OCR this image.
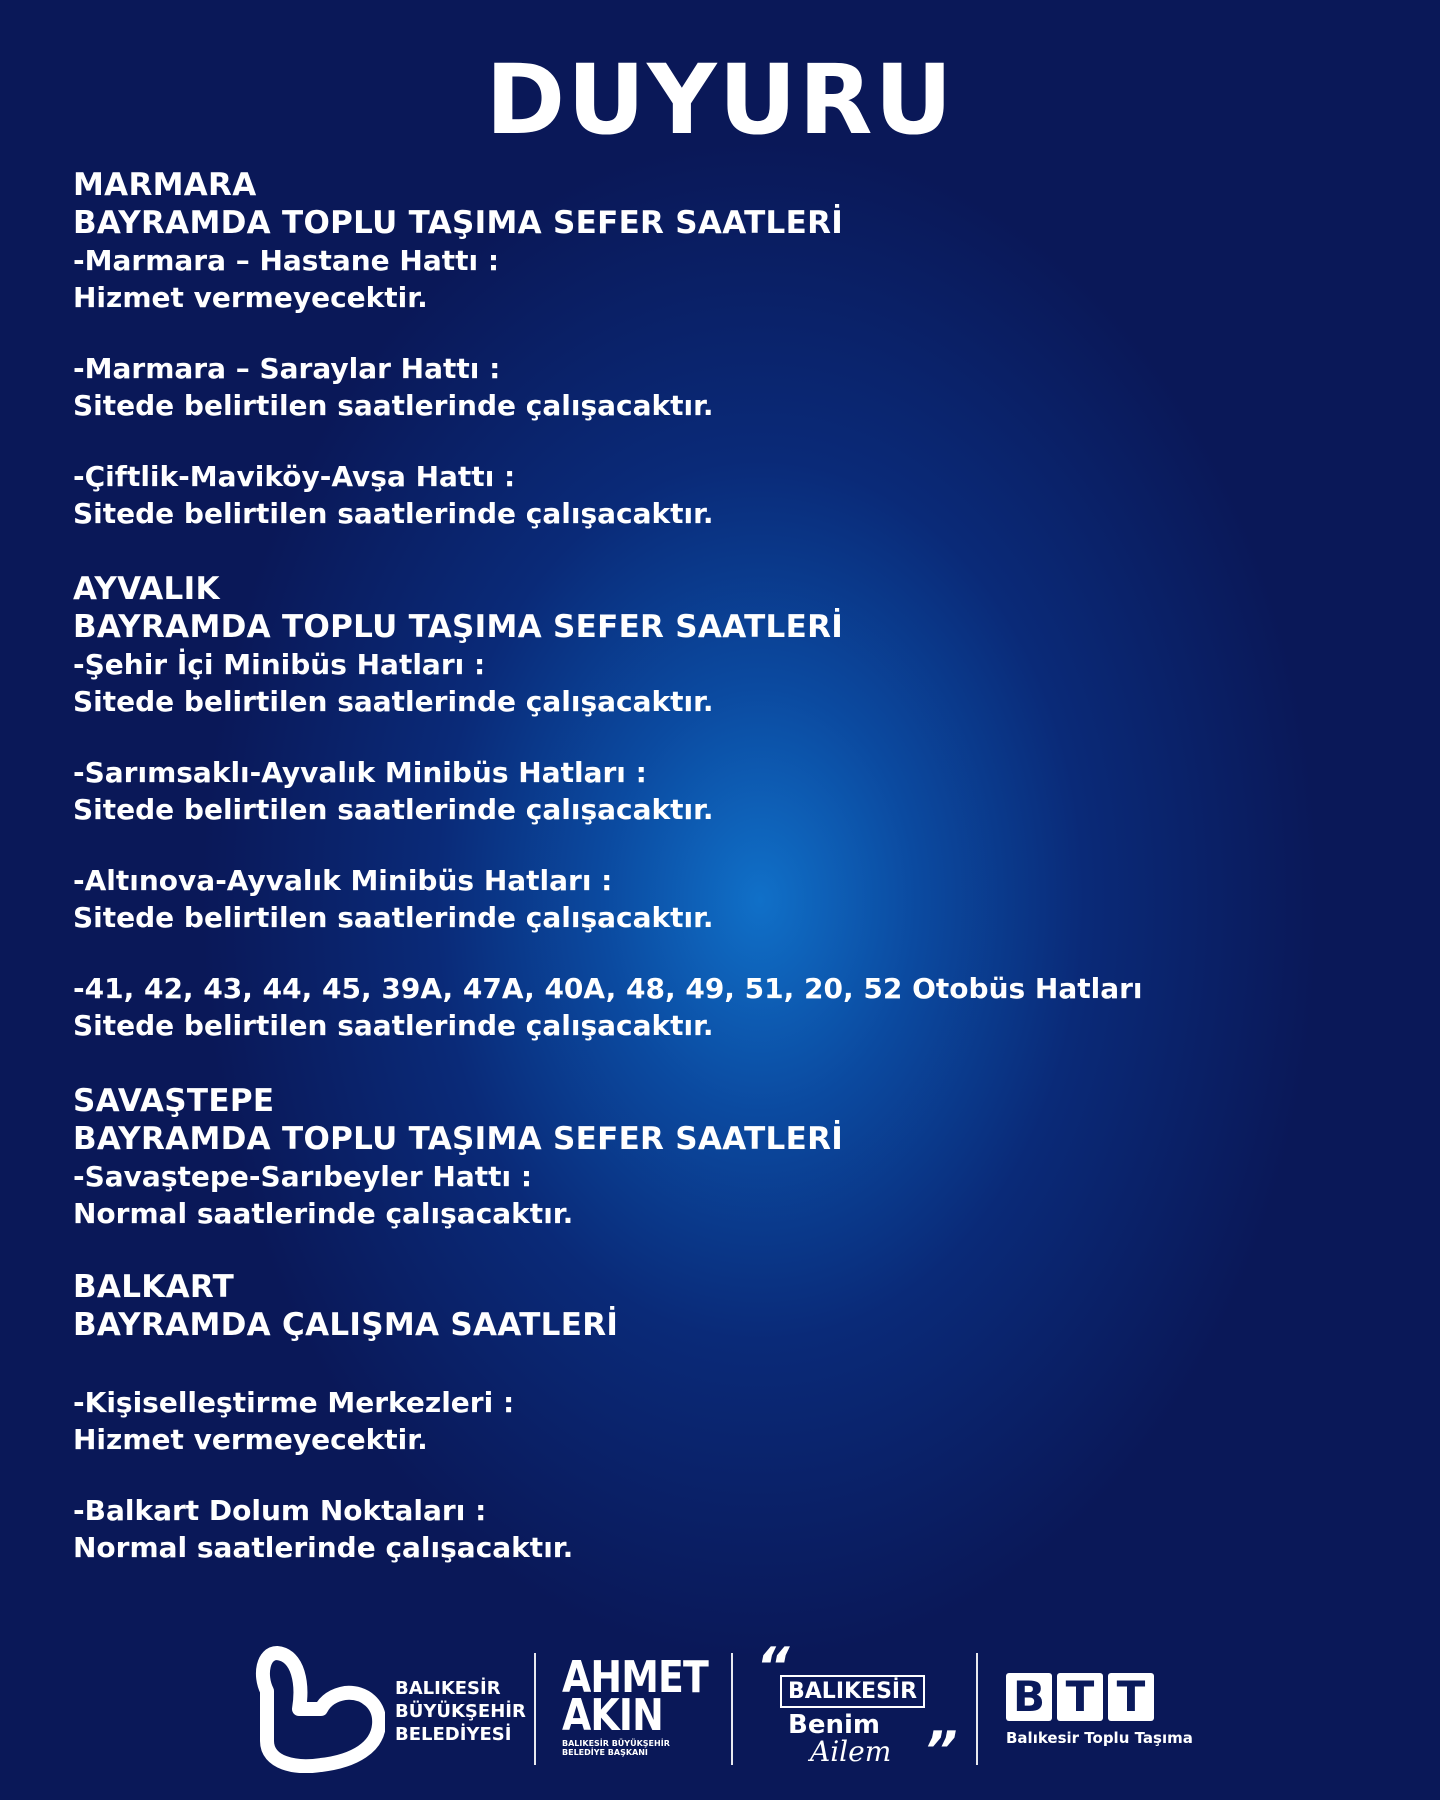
DUYURU
MARMARA
BAYRAMDA TOPLU TAŞIMA SEFER SAATLERİ
-Marmara – Hastane Hattı :
Hizmet vermeyecektir.
-Marmara – Saraylar Hattı :
Sitede belirtilen saatlerinde çalışacaktır.
-Çiftlik-Maviköy-Avşa Hattı :
Sitede belirtilen saatlerinde çalışacaktır.
AYVALIK
BAYRAMDA TOPLU TAŞIMA SEFER SAATLERİ
-Şehir İçi Minibüs Hatları :
Sitede belirtilen saatlerinde çalışacaktır.
-Sarımsaklı-Ayvalık Minibüs Hatları :
Sitede belirtilen saatlerinde çalışacaktır.
-Altınova-Ayvalık Minibüs Hatları :
Sitede belirtilen saatlerinde çalışacaktır.
-41, 42, 43, 44, 45, 39A, 47A, 40A, 48, 49, 51, 20, 52 Otobüs Hatları
Sitede belirtilen saatlerinde çalışacaktır.
SAVAŞTEPE
BAYRAMDA TOPLU TAŞIMA SEFER SAATLERİ
-Savaştepe-Sarıbeyler Hattı :
Normal saatlerinde çalışacaktır.
BALKART
BAYRAMDA ÇALIŞMA SAATLERİ
-Kişiselleştirme Merkezleri :
Hizmet vermeyecektir.
-Balkart Dolum Noktaları :
Normal saatlerinde çalışacaktır.
BALIKESİR
BÜYÜKŞEHİR
BELEDİYESİ
AHMET
AKIN
BALIKESİR BÜYÜKŞEHİR
BELEDİYE BAŞKANI
“
BALIKESİR
Benim
Ailem ”
B T T
Balıkesir Toplu Taşıma
